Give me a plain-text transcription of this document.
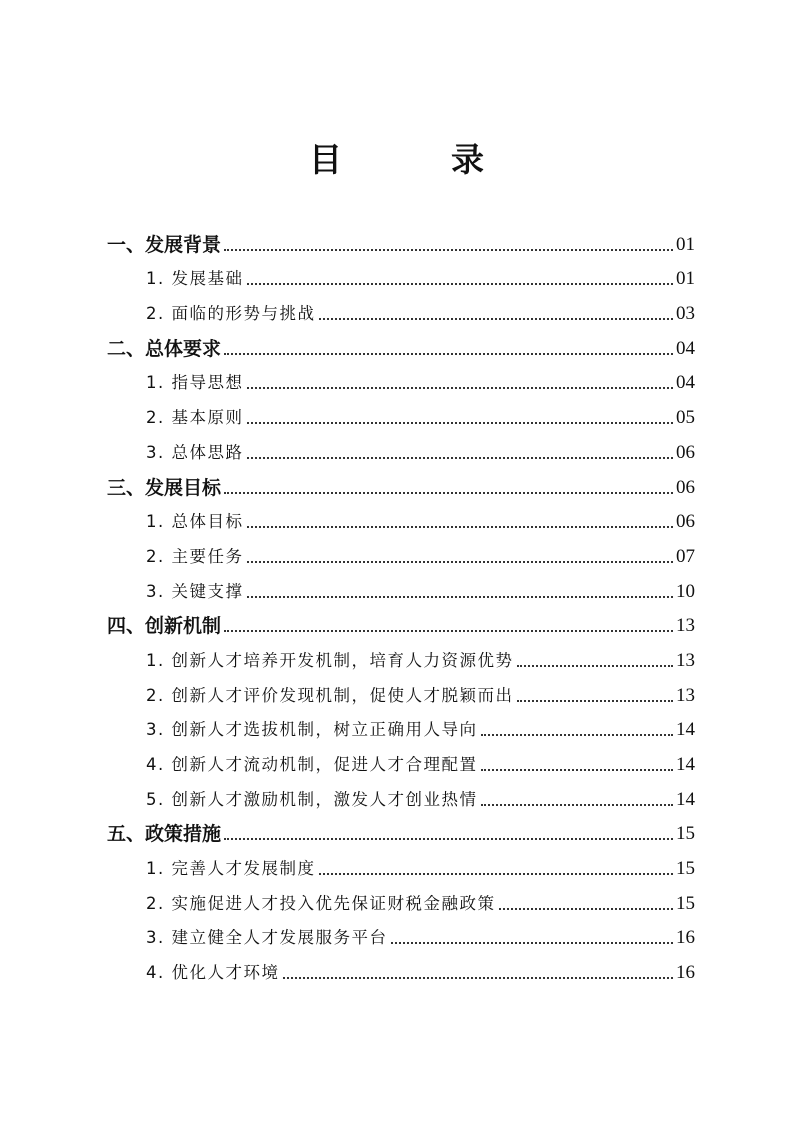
目　录
一、发展背景	01
1. 发展基础	01
2. 面临的形势与挑战	03
二、总体要求	04
1. 指导思想	04
2. 基本原则	05
3. 总体思路	06
三、发展目标	06
1. 总体目标	06
2. 主要任务	07
3. 关键支撑	10
四、创新机制	13
1. 创新人才培养开发机制，培育人力资源优势	13
2. 创新人才评价发现机制，促使人才脱颖而出	13
3. 创新人才选拔机制，树立正确用人导向	14
4. 创新人才流动机制，促进人才合理配置	14
5. 创新人才激励机制，激发人才创业热情	14
五、政策措施	15
1. 完善人才发展制度	15
2. 实施促进人才投入优先保证财税金融政策	15
3. 建立健全人才发展服务平台	16
4. 优化人才环境	16
